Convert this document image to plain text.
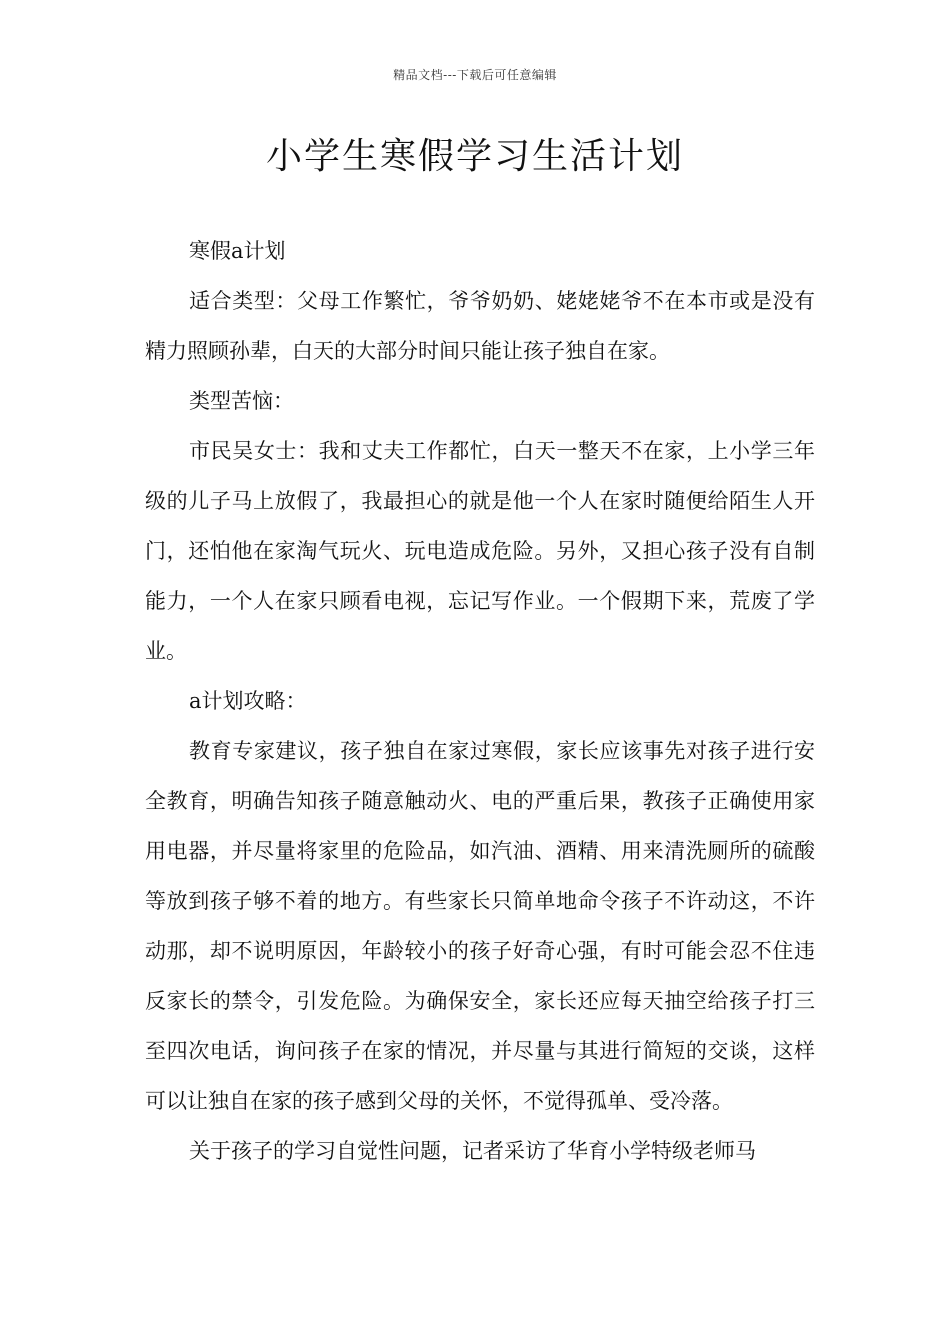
精品文档---下载后可任意编辑
小学生寒假学习生活计划

寒假a计划

适合类型：父母工作繁忙，爷爷奶奶、姥姥姥爷不在本市或是没有精力照顾孙辈，白天的大部分时间只能让孩子独自在家。

类型苦恼：

市民吴女士：我和丈夫工作都忙，白天一整天不在家，上小学三年级的儿子马上放假了，我最担心的就是他一个人在家时随便给陌生人开门，还怕他在家淘气玩火、玩电造成危险。另外，又担心孩子没有自制能力，一个人在家只顾看电视，忘记写作业。一个假期下来，荒废了学业。

a计划攻略：

教育专家建议，孩子独自在家过寒假，家长应该事先对孩子进行安全教育，明确告知孩子随意触动火、电的严重后果，教孩子正确使用家用电器，并尽量将家里的危险品，如汽油、酒精、用来清洗厕所的硫酸等放到孩子够不着的地方。有些家长只简单地命令孩子不许动这，不许动那，却不说明原因，年龄较小的孩子好奇心强，有时可能会忍不住违反家长的禁令，引发危险。为确保安全，家长还应每天抽空给孩子打三至四次电话，询问孩子在家的情况，并尽量与其进行简短的交谈，这样可以让独自在家的孩子感到父母的关怀，不觉得孤单、受冷落。

关于孩子的学习自觉性问题，记者采访了华育小学特级老师马
